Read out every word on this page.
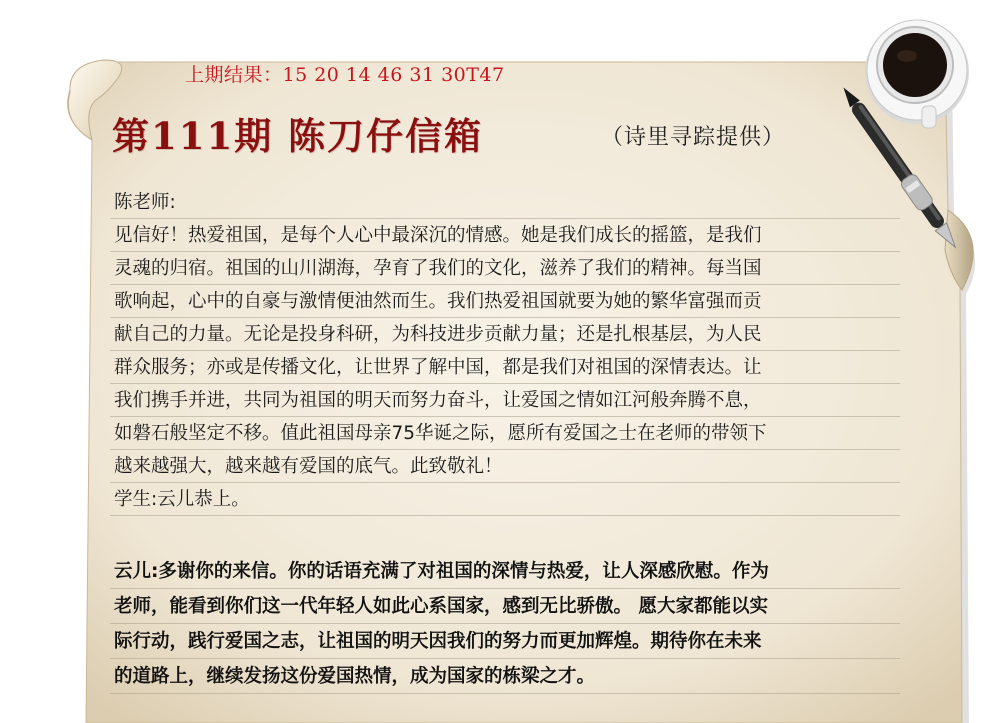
上期结果：15 20 14 46 31 30T47
第111期 陈刀仔信箱	（诗里寻踪提供）
陈老师:
见信好！热爱祖国，是每个人心中最深沉的情感。她是我们成长的摇篮，是我们
灵魂的归宿。祖国的山川湖海，孕育了我们的文化，滋养了我们的精神。每当国
歌响起，心中的自豪与激情便油然而生。我们热爱祖国就要为她的繁华富强而贡
献自己的力量。无论是投身科研，为科技进步贡献力量；还是扎根基层，为人民
群众服务；亦或是传播文化，让世界了解中国，都是我们对祖国的深情表达。让
我们携手并进，共同为祖国的明天而努力奋斗，让爱国之情如江河般奔腾不息，
如磐石般坚定不移。值此祖国母亲75华诞之际，愿所有爱国之士在老师的带领下
越来越强大，越来越有爱国的底气。此致敬礼！
学生:云儿恭上。
云儿:多谢你的来信。你的话语充满了对祖国的深情与热爱，让人深感欣慰。作为
老师，能看到你们这一代年轻人如此心系国家，感到无比骄傲。 愿大家都能以实
际行动，践行爱国之志，让祖国的明天因我们的努力而更加辉煌。期待你在未来
的道路上，继续发扬这份爱国热情，成为国家的栋梁之才。
